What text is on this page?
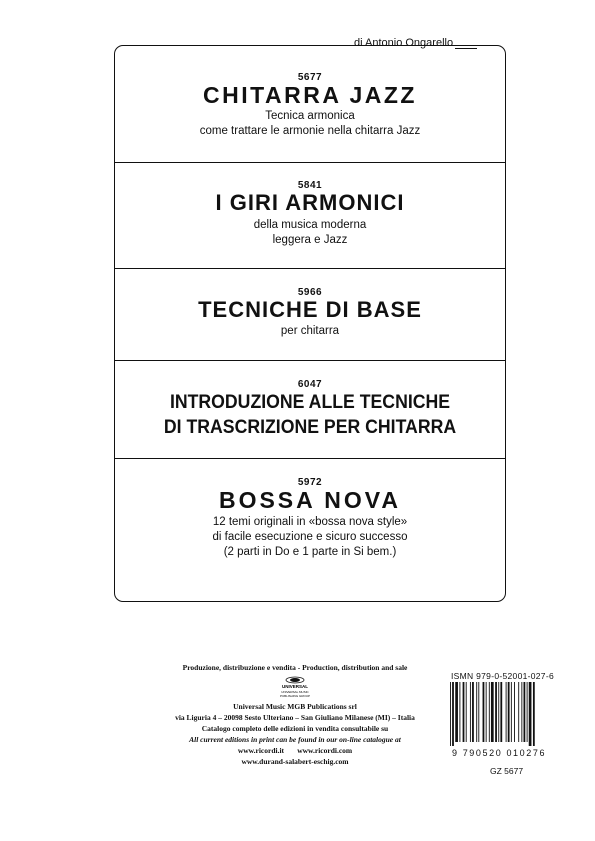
di Antonio Ongarello
5677
CHITARRA JAZZ
Tecnica armonica
come trattare le armonie nella chitarra Jazz
5841
I GIRI ARMONICI
della musica moderna
leggera e Jazz
5966
TECNICHE DI BASE
per chitarra
6047
INTRODUZIONE ALLE TECNICHE
DI TRASCRIZIONE PER CHITARRA
5972
BOSSA NOVA
12 temi originali in «bossa nova style»
di facile esecuzione e sicuro successo
(2 parti in Do e 1 parte in Si bem.)
Produzione, distribuzione e vendita - Production, distribution and sale
UNIVERSAL
UNIVERSAL MUSIC
PUBLISHING GROUP
Universal Music MGB Publications srl
via Liguria 4 – 20098 Sesto Ulteriano – San Giuliano Milanese (MI) – Italia
Catalogo completo delle edizioni in vendita consultabile su
All current editions in print can be found in our on-line catalogue at
www.ricordi.it www.ricordi.com
www.durand-salabert-eschig.com
ISMN 979-0-52001-027-6
9 790520 010276
GZ 5677
